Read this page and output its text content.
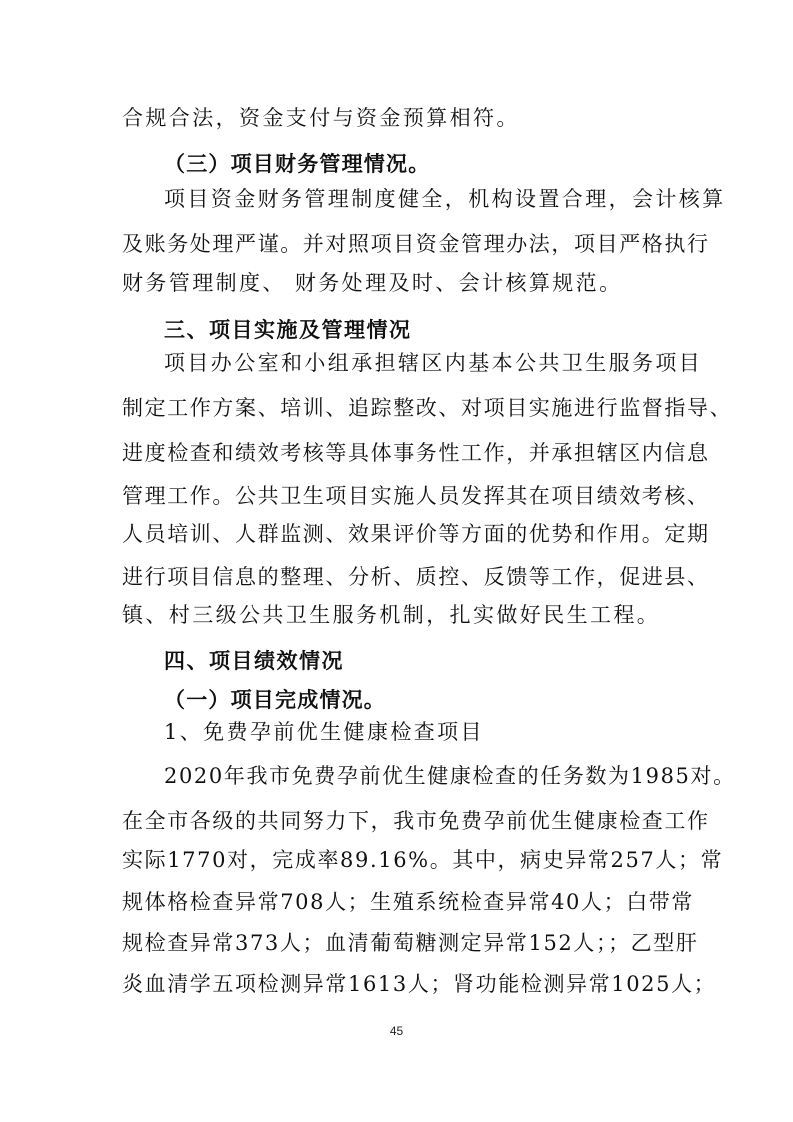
合规合法，资金支付与资金预算相符。
（三）项目财务管理情况。
项目资金财务管理制度健全，机构设置合理，会计核算
及账务处理严谨。并对照项目资金管理办法，项目严格执行
财务管理制度、 财务处理及时、会计核算规范。
三、项目实施及管理情况
项目办公室和小组承担辖区内基本公共卫生服务项目
制定工作方案、培训、追踪整改、对项目实施进行监督指导、
进度检查和绩效考核等具体事务性工作，并承担辖区内信息
管理工作。公共卫生项目实施人员发挥其在项目绩效考核、
人员培训、人群监测、效果评价等方面的优势和作用。定期
进行项目信息的整理、分析、质控、反馈等工作，促进县、
镇、村三级公共卫生服务机制，扎实做好民生工程。
四、项目绩效情况
（一）项目完成情况。
1、免费孕前优生健康检查项目
2020年我市免费孕前优生健康检查的任务数为1985对。
在全市各级的共同努力下，我市免费孕前优生健康检查工作
实际1770对，完成率89.16%。其中，病史异常257人；常
规体格检查异常708人；生殖系统检查异常40人；白带常
规检查异常373人；血清葡萄糖测定异常152人；；乙型肝
炎血清学五项检测异常1613人；肾功能检测异常1025人；
45
